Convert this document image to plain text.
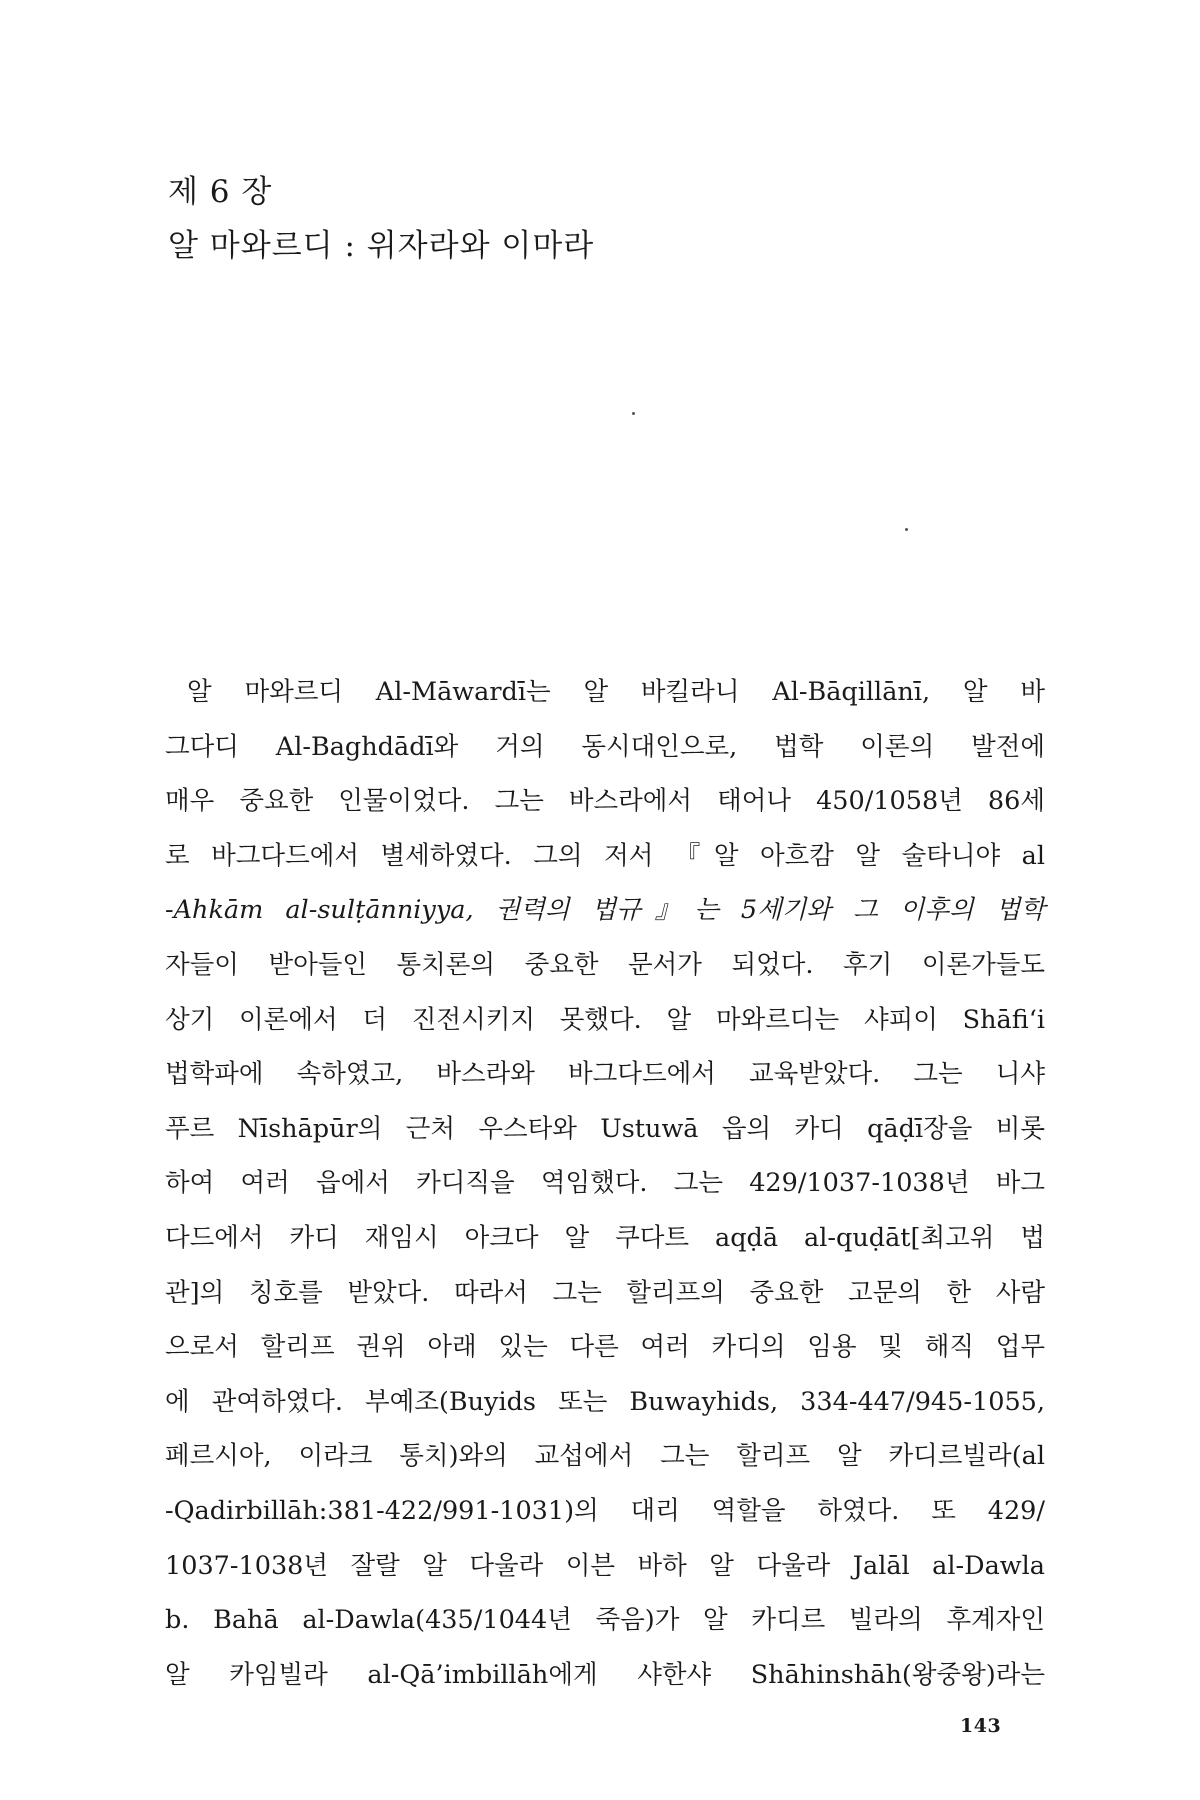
제 6 장
알 마와르디 : 위자라와 이마라
알 마와르디 Al-Māwardī는 알 바킬라니 Al-Bāqillānī, 알 바
그다디 Al-Baghdādī와 거의 동시대인으로, 법학 이론의 발전에
매우 중요한 인물이었다. 그는 바스라에서 태어나 450/1058년 86세
로 바그다드에서 별세하였다. 그의 저서 『알 아흐캄 알 술타니야 al
-Ahkām al-sulṭānniyya, 권력의 법규』는 5세기와 그 이후의 법학
자들이 받아들인 통치론의 중요한 문서가 되었다. 후기 이론가들도
상기 이론에서 더 진전시키지 못했다. 알 마와르디는 샤피이 Shāfi‘i
법학파에 속하였고, 바스라와 바그다드에서 교육받았다. 그는 니샤
푸르 Nīshāpūr의 근처 우스타와 Ustuwā 읍의 카디 qāḍī장을 비롯
하여 여러 읍에서 카디직을 역임했다. 그는 429/1037-1038년 바그
다드에서 카디 재임시 아크다 알 쿠다트 aqḍā al-quḍāt[최고위 법
관]의 칭호를 받았다. 따라서 그는 할리프의 중요한 고문의 한 사람
으로서 할리프 권위 아래 있는 다른 여러 카디의 임용 및 해직 업무
에 관여하였다. 부예조(Buyids 또는 Buwayhids, 334-447/945-1055,
페르시아, 이라크 통치)와의 교섭에서 그는 할리프 알 카디르빌라(al
-Qadirbillāh:381-422/991-1031)의 대리 역할을 하였다. 또 429/
1037-1038년 잘랄 알 다울라 이븐 바하 알 다울라 Jalāl al-Dawla
b. Bahā al-Dawla(435/1044년 죽음)가 알 카디르 빌라의 후계자인
알 카임빌라 al-Qā’imbillāh에게 샤한샤 Shāhinshāh(왕중왕)라는
143
